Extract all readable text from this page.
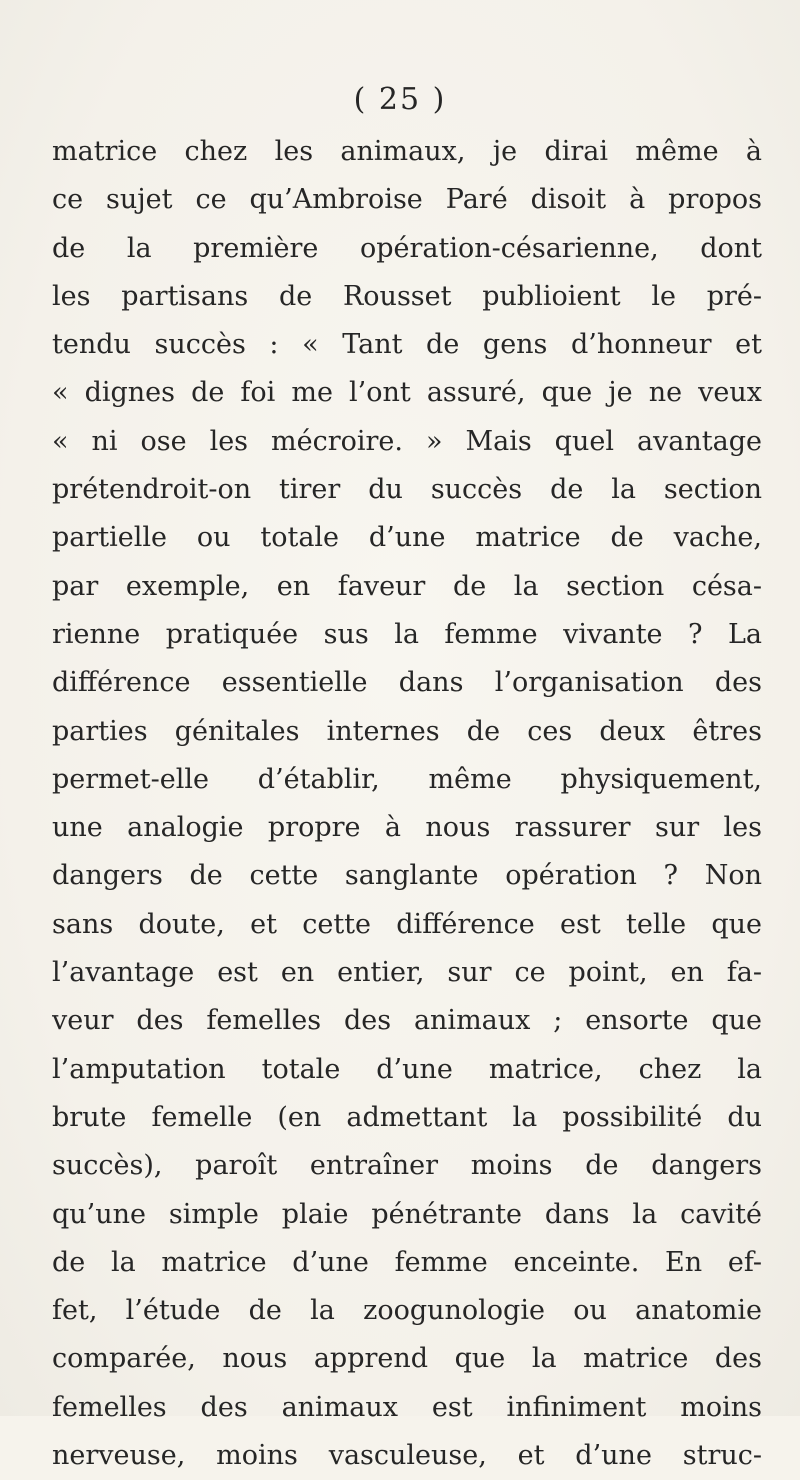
( 25 )
matrice chez les animaux, je dirai même à
ce sujet ce qu’Ambroise Paré disoit à propos
de la première opération-césarienne, dont
les partisans de Rousset publioient le pré-
tendu succès : « Tant de gens d’honneur et
« dignes de foi me l’ont assuré, que je ne veux
« ni ose les mécroire. » Mais quel avantage
prétendroit-on tirer du succès de la section
partielle ou totale d’une matrice de vache,
par exemple, en faveur de la section césa-
rienne pratiquée sus la femme vivante ? La
différence essentielle dans l’organisation des
parties génitales internes de ces deux êtres
permet-elle d’établir, même physiquement,
une analogie propre à nous rassurer sur les
dangers de cette sanglante opération ? Non
sans doute, et cette différence est telle que
l’avantage est en entier, sur ce point, en fa-
veur des femelles des animaux ; ensorte que
l’amputation totale d’une matrice, chez la
brute femelle (en admettant la possibilité du
succès), paroît entraîner moins de dangers
qu’une simple plaie pénétrante dans la cavité
de la matrice d’une femme enceinte. En ef-
fet, l’étude de la zoogunologie ou anatomie
comparée, nous apprend que la matrice des
femelles des animaux est infiniment moins
nerveuse, moins vasculeuse, et d’une struc-
